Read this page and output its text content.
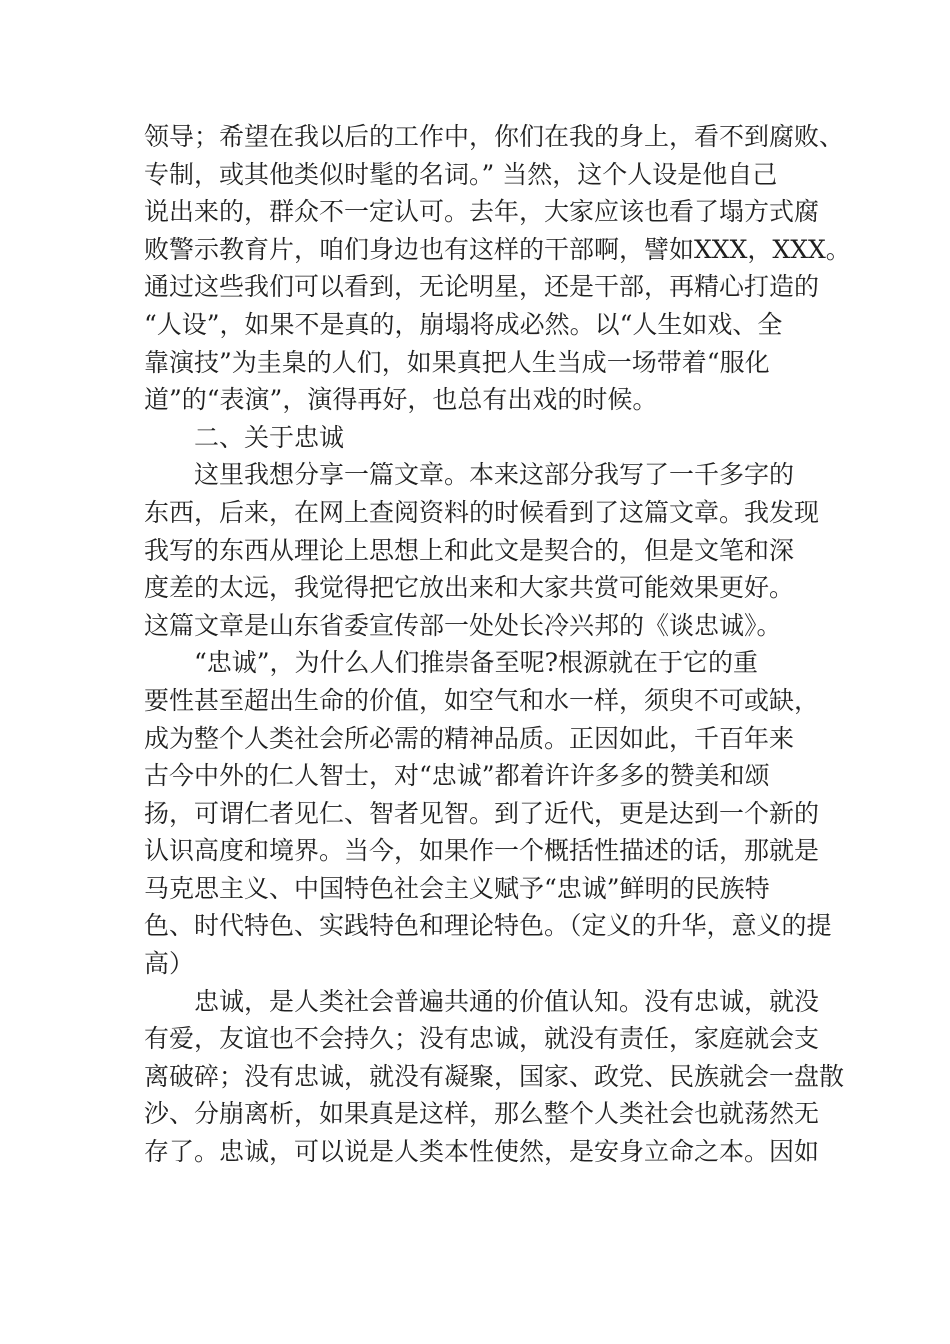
领导；希望在我以后的工作中，你们在我的身上，看不到腐败、
专制，或其他类似时髦的名词。” 当然，这个人设是他自己
说出来的，群众不一定认可。去年，大家应该也看了塌方式腐
败警示教育片，咱们身边也有这样的干部啊，譬如XXX，XXX。
通过这些我们可以看到，无论明星，还是干部，再精心打造的
“人设”，如果不是真的，崩塌将成必然。以“人生如戏、全
靠演技”为圭臬的人们，如果真把人生当成一场带着“服化
道”的“表演”，演得再好，也总有出戏的时候。
二、关于忠诚
这里我想分享一篇文章。本来这部分我写了一千多字的
东西，后来，在网上查阅资料的时候看到了这篇文章。我发现
我写的东西从理论上思想上和此文是契合的，但是文笔和深
度差的太远，我觉得把它放出来和大家共赏可能效果更好。
这篇文章是山东省委宣传部一处处长冷兴邦的《谈忠诚》。
“忠诚”，为什么人们推崇备至呢?根源就在于它的重
要性甚至超出生命的价值，如空气和水一样，须臾不可或缺，
成为整个人类社会所必需的精神品质。正因如此，千百年来
古今中外的仁人智士，对“忠诚”都着许许多多的赞美和颂
扬，可谓仁者见仁、智者见智。到了近代，更是达到一个新的
认识高度和境界。当今，如果作一个概括性描述的话，那就是
马克思主义、中国特色社会主义赋予“忠诚”鲜明的民族特
色、时代特色、实践特色和理论特色。（定义的升华，意义的提
高）
忠诚，是人类社会普遍共通的价值认知。没有忠诚，就没
有爱，友谊也不会持久；没有忠诚，就没有责任，家庭就会支
离破碎；没有忠诚，就没有凝聚，国家、政党、民族就会一盘散
沙、分崩离析，如果真是这样，那么整个人类社会也就荡然无
存了。忠诚，可以说是人类本性使然，是安身立命之本。因如
